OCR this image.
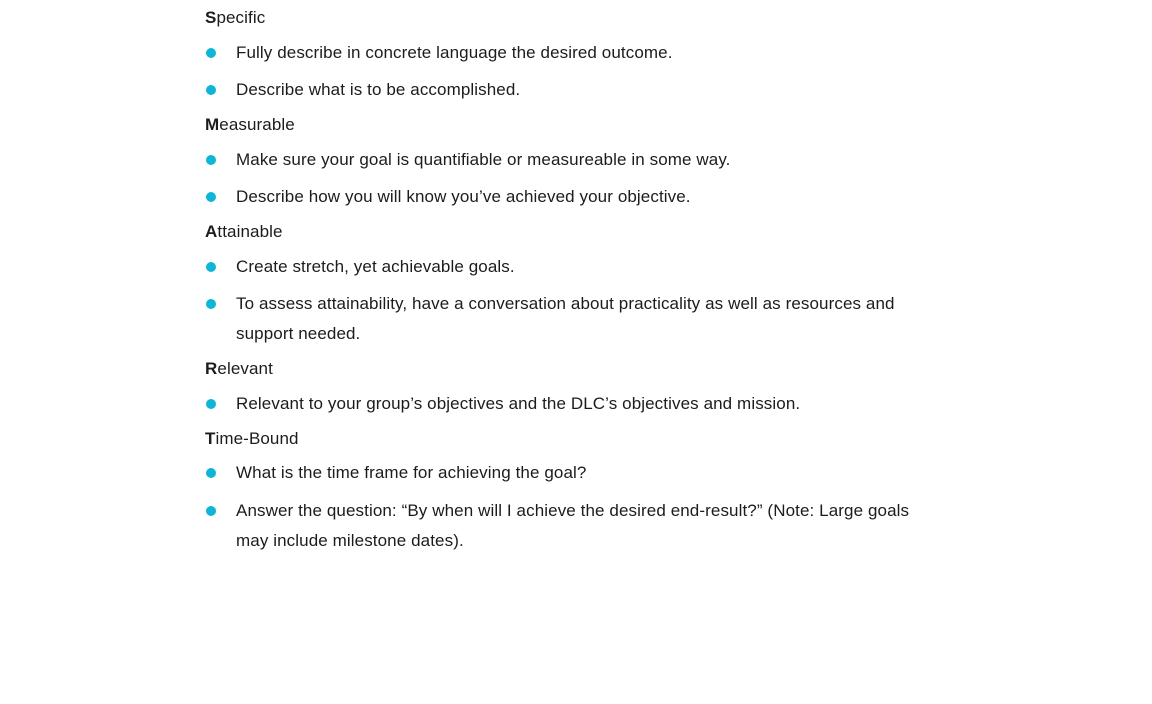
Specific
Fully describe in concrete language the desired outcome.
Describe what is to be accomplished.
Measurable
Make sure your goal is quantifiable or measureable in some way.
Describe how you will know you’ve achieved your objective.
Attainable
Create stretch, yet achievable goals.
To assess attainability, have a conversation about practicality as well as resources and support needed.
Relevant
Relevant to your group’s objectives and the DLC’s objectives and mission.
Time-Bound
What is the time frame for achieving the goal?
Answer the question: “By when will I achieve the desired end-result?” (Note: Large goals may include milestone dates).
